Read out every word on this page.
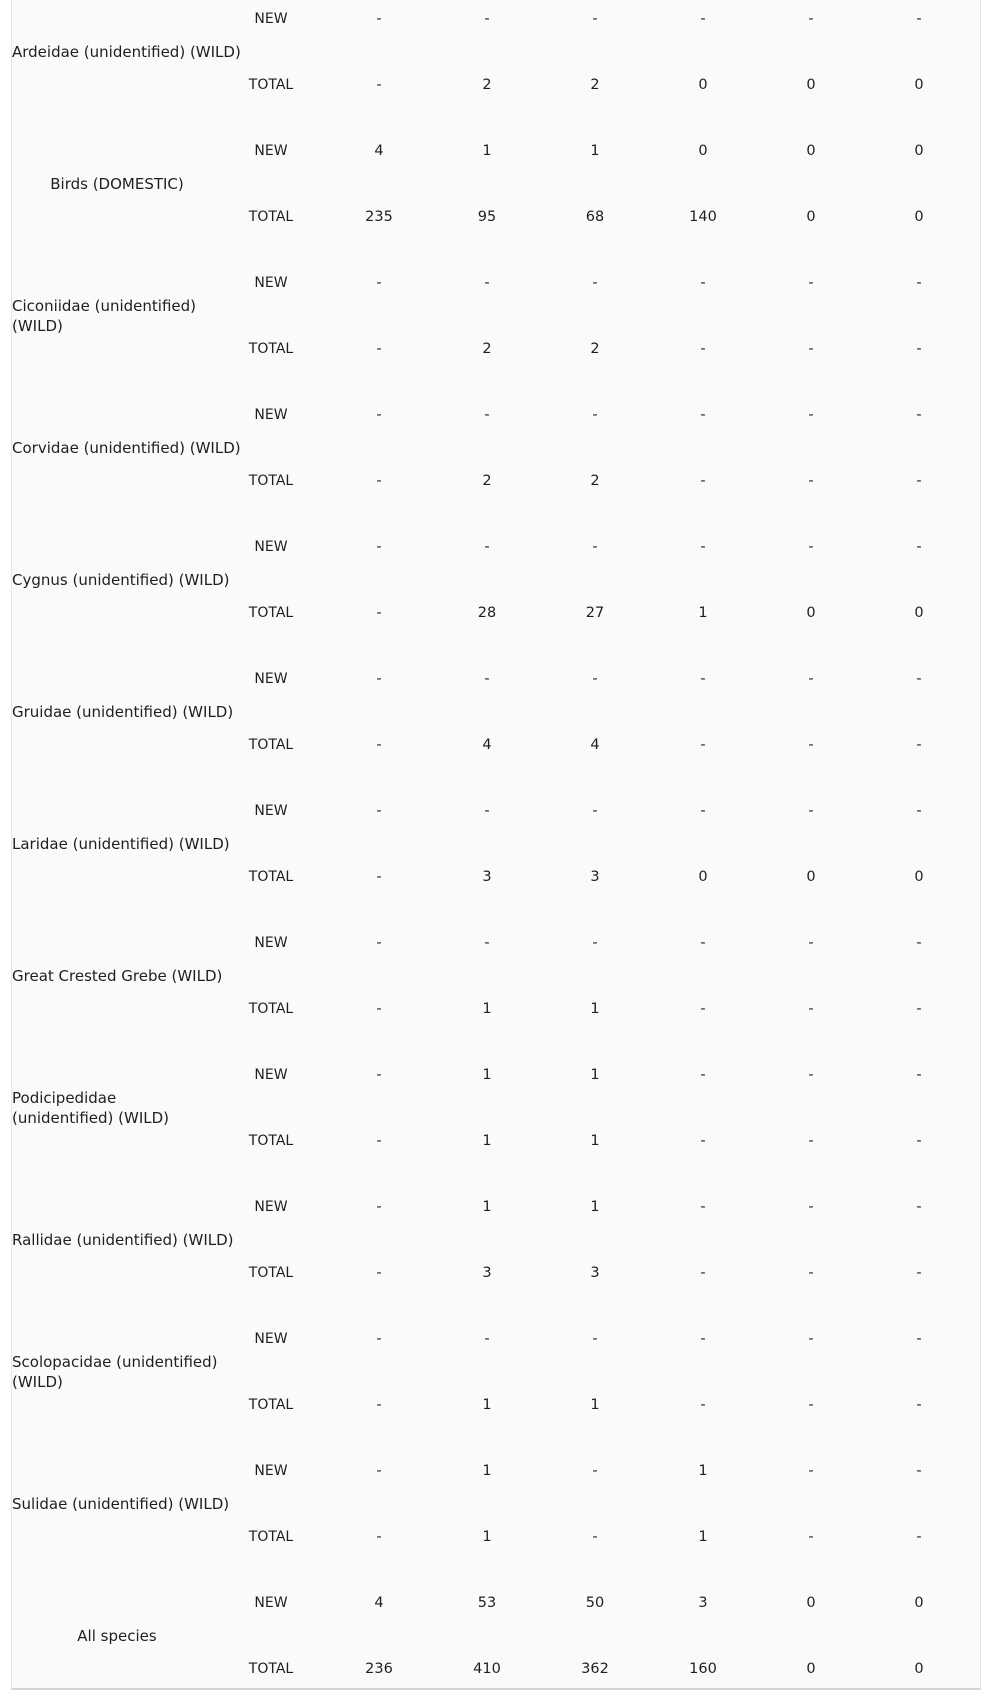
Ardeidae (unidentified) (WILD)
NEW
TOTAL
-
-
-
2
-
2
-
0
-
0
-
0
Birds (DOMESTIC)
NEW
TOTAL
4
235
1
95
1
68
0
140
0
0
0
0
Ciconiidae (unidentified) (WILD)
NEW
TOTAL
-
-
-
2
-
2
-
-
-
-
-
-
Corvidae (unidentified) (WILD)
NEW
TOTAL
-
-
-
2
-
2
-
-
-
-
-
-
Cygnus (unidentified) (WILD)
NEW
TOTAL
-
-
-
28
-
27
-
1
-
0
-
0
Gruidae (unidentified) (WILD)
NEW
TOTAL
-
-
-
4
-
4
-
-
-
-
-
-
Laridae (unidentified) (WILD)
NEW
TOTAL
-
-
-
3
-
3
-
0
-
0
-
0
Great Crested Grebe (WILD)
NEW
TOTAL
-
-
-
1
-
1
-
-
-
-
-
-
Podicipedidae (unidentified) (WILD)
NEW
TOTAL
-
-
1
1
1
1
-
-
-
-
-
-
Rallidae (unidentified) (WILD)
NEW
TOTAL
-
-
1
3
1
3
-
-
-
-
-
-
Scolopacidae (unidentified) (WILD)
NEW
TOTAL
-
-
-
1
-
1
-
-
-
-
-
-
Sulidae (unidentified) (WILD)
NEW
TOTAL
-
-
1
1
-
-
1
1
-
-
-
-
All species
NEW
TOTAL
4
236
53
410
50
362
3
160
0
0
0
0
